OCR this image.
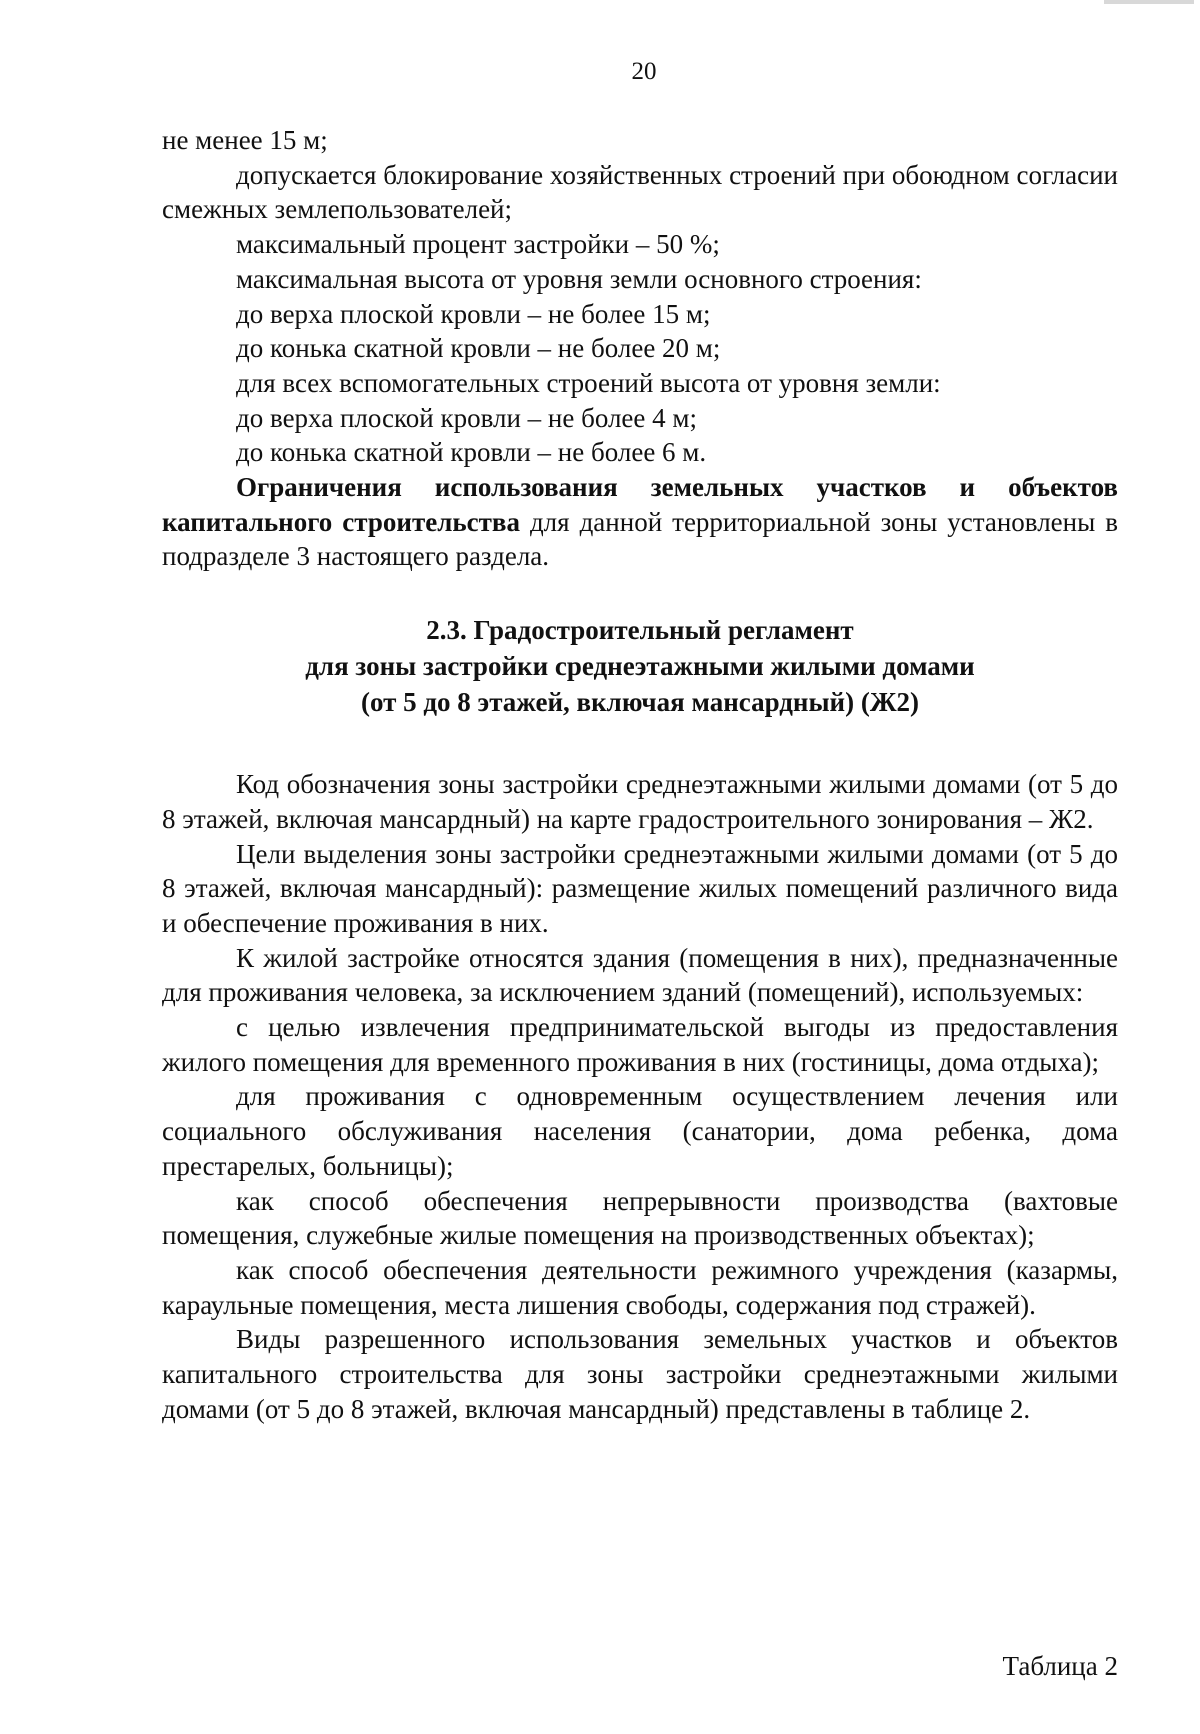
20

не менее 15 м;

допускается блокирование хозяйственных строений при обоюдном согласии смежных землепользователей;

максимальный процент застройки – 50 %;

максимальная высота от уровня земли основного строения:

до верха плоской кровли – не более 15 м;

до конька скатной кровли – не более 20 м;

для всех вспомогательных строений высота от уровня земли:

до верха плоской кровли – не более 4 м;

до конька скатной кровли – не более 6 м.

Ограничения использования земельных участков и объектов капитального строительства для данной территориальной зоны установлены в подразделе 3 настоящего раздела.

2.3. Градостроительный регламент
для зоны застройки среднеэтажными жилыми домами
(от 5 до 8 этажей, включая мансардный) (Ж2)

Код обозначения зоны застройки среднеэтажными жилыми домами (от 5 до 8 этажей, включая мансардный) на карте градостроительного зонирования – Ж2.

Цели выделения зоны застройки среднеэтажными жилыми домами (от 5 до 8 этажей, включая мансардный): размещение жилых помещений различного вида и обеспечение проживания в них.

К жилой застройке относятся здания (помещения в них), предназначенные для проживания человека, за исключением зданий (помещений), используемых:

с целью извлечения предпринимательской выгоды из предоставления жилого помещения для временного проживания в них (гостиницы, дома отдыха);

для проживания с одновременным осуществлением лечения или социального обслуживания населения (санатории, дома ребенка, дома престарелых, больницы);

как способ обеспечения непрерывности производства (вахтовые помещения, служебные жилые помещения на производственных объектах);

как способ обеспечения деятельности режимного учреждения (казармы, караульные помещения, места лишения свободы, содержания под стражей).

Виды разрешенного использования земельных участков и объектов капитального строительства для зоны застройки среднеэтажными жилыми домами (от 5 до 8 этажей, включая мансардный) представлены в таблице 2.

Таблица 2
